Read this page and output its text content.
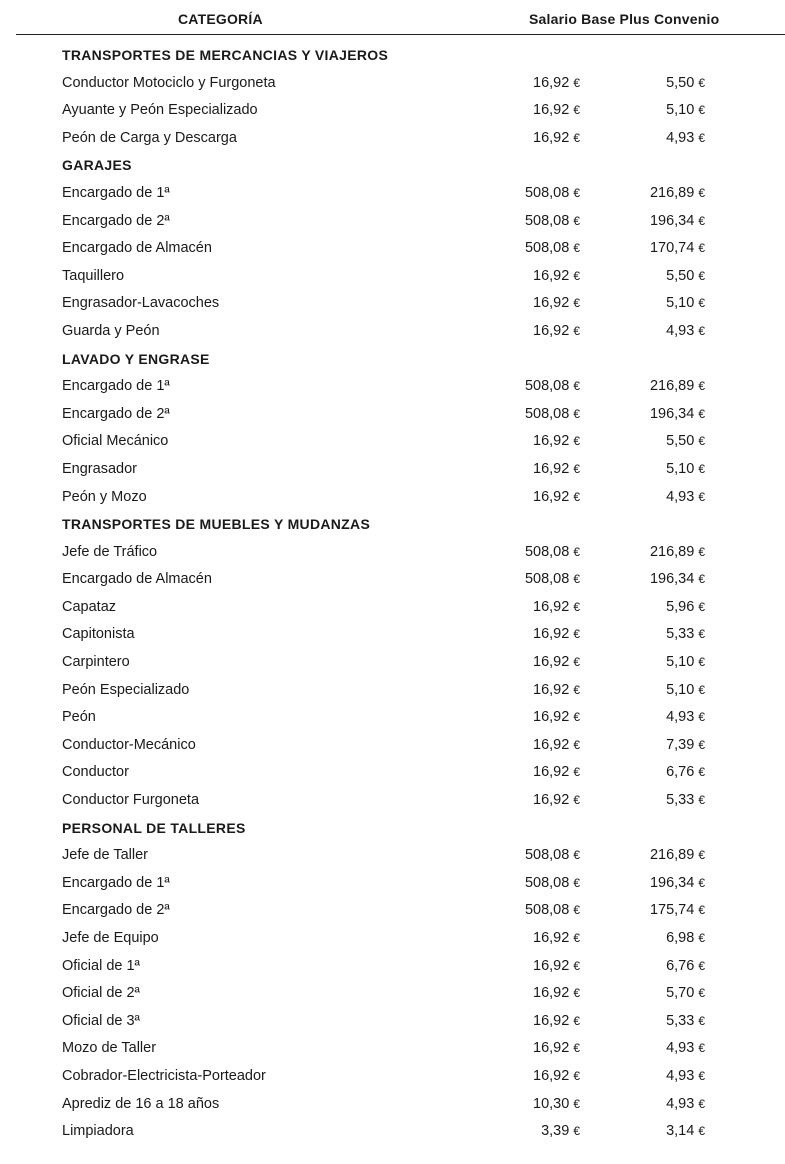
CATEGORÍA	Salario Base Plus Convenio
TRANSPORTES DE MERCANCIAS Y VIAJEROS
Conductor Motociclo y Furgoneta	16,92 €	5,50 €
Ayuante y Peón Especializado	16,92 €	5,10 €
Peón de Carga y Descarga	16,92 €	4,93 €
GARAJES
Encargado de 1ª	508,08 €	216,89 €
Encargado de 2ª	508,08 €	196,34 €
Encargado de Almacén	508,08 €	170,74 €
Taquillero	16,92 €	5,50 €
Engrasador-Lavacoches	16,92 €	5,10 €
Guarda y Peón	16,92 €	4,93 €
LAVADO Y ENGRASE
Encargado de 1ª	508,08 €	216,89 €
Encargado de 2ª	508,08 €	196,34 €
Oficial Mecánico	16,92 €	5,50 €
Engrasador	16,92 €	5,10 €
Peón y Mozo	16,92 €	4,93 €
TRANSPORTES DE MUEBLES Y MUDANZAS
Jefe de Tráfico	508,08 €	216,89 €
Encargado de Almacén	508,08 €	196,34 €
Capataz	16,92 €	5,96 €
Capitonista	16,92 €	5,33 €
Carpintero	16,92 €	5,10 €
Peón Especializado	16,92 €	5,10 €
Peón	16,92 €	4,93 €
Conductor-Mecánico	16,92 €	7,39 €
Conductor	16,92 €	6,76 €
Conductor Furgoneta	16,92 €	5,33 €
PERSONAL DE TALLERES
Jefe de Taller	508,08 €	216,89 €
Encargado de 1ª	508,08 €	196,34 €
Encargado de 2ª	508,08 €	175,74 €
Jefe de Equipo	16,92 €	6,98 €
Oficial de 1ª	16,92 €	6,76 €
Oficial de 2ª	16,92 €	5,70 €
Oficial de 3ª	16,92 €	5,33 €
Mozo de Taller	16,92 €	4,93 €
Cobrador-Electricista-Porteador	16,92 €	4,93 €
Aprediz de 16 a 18 años	10,30 €	4,93 €
Limpiadora	3,39 €	3,14 €
